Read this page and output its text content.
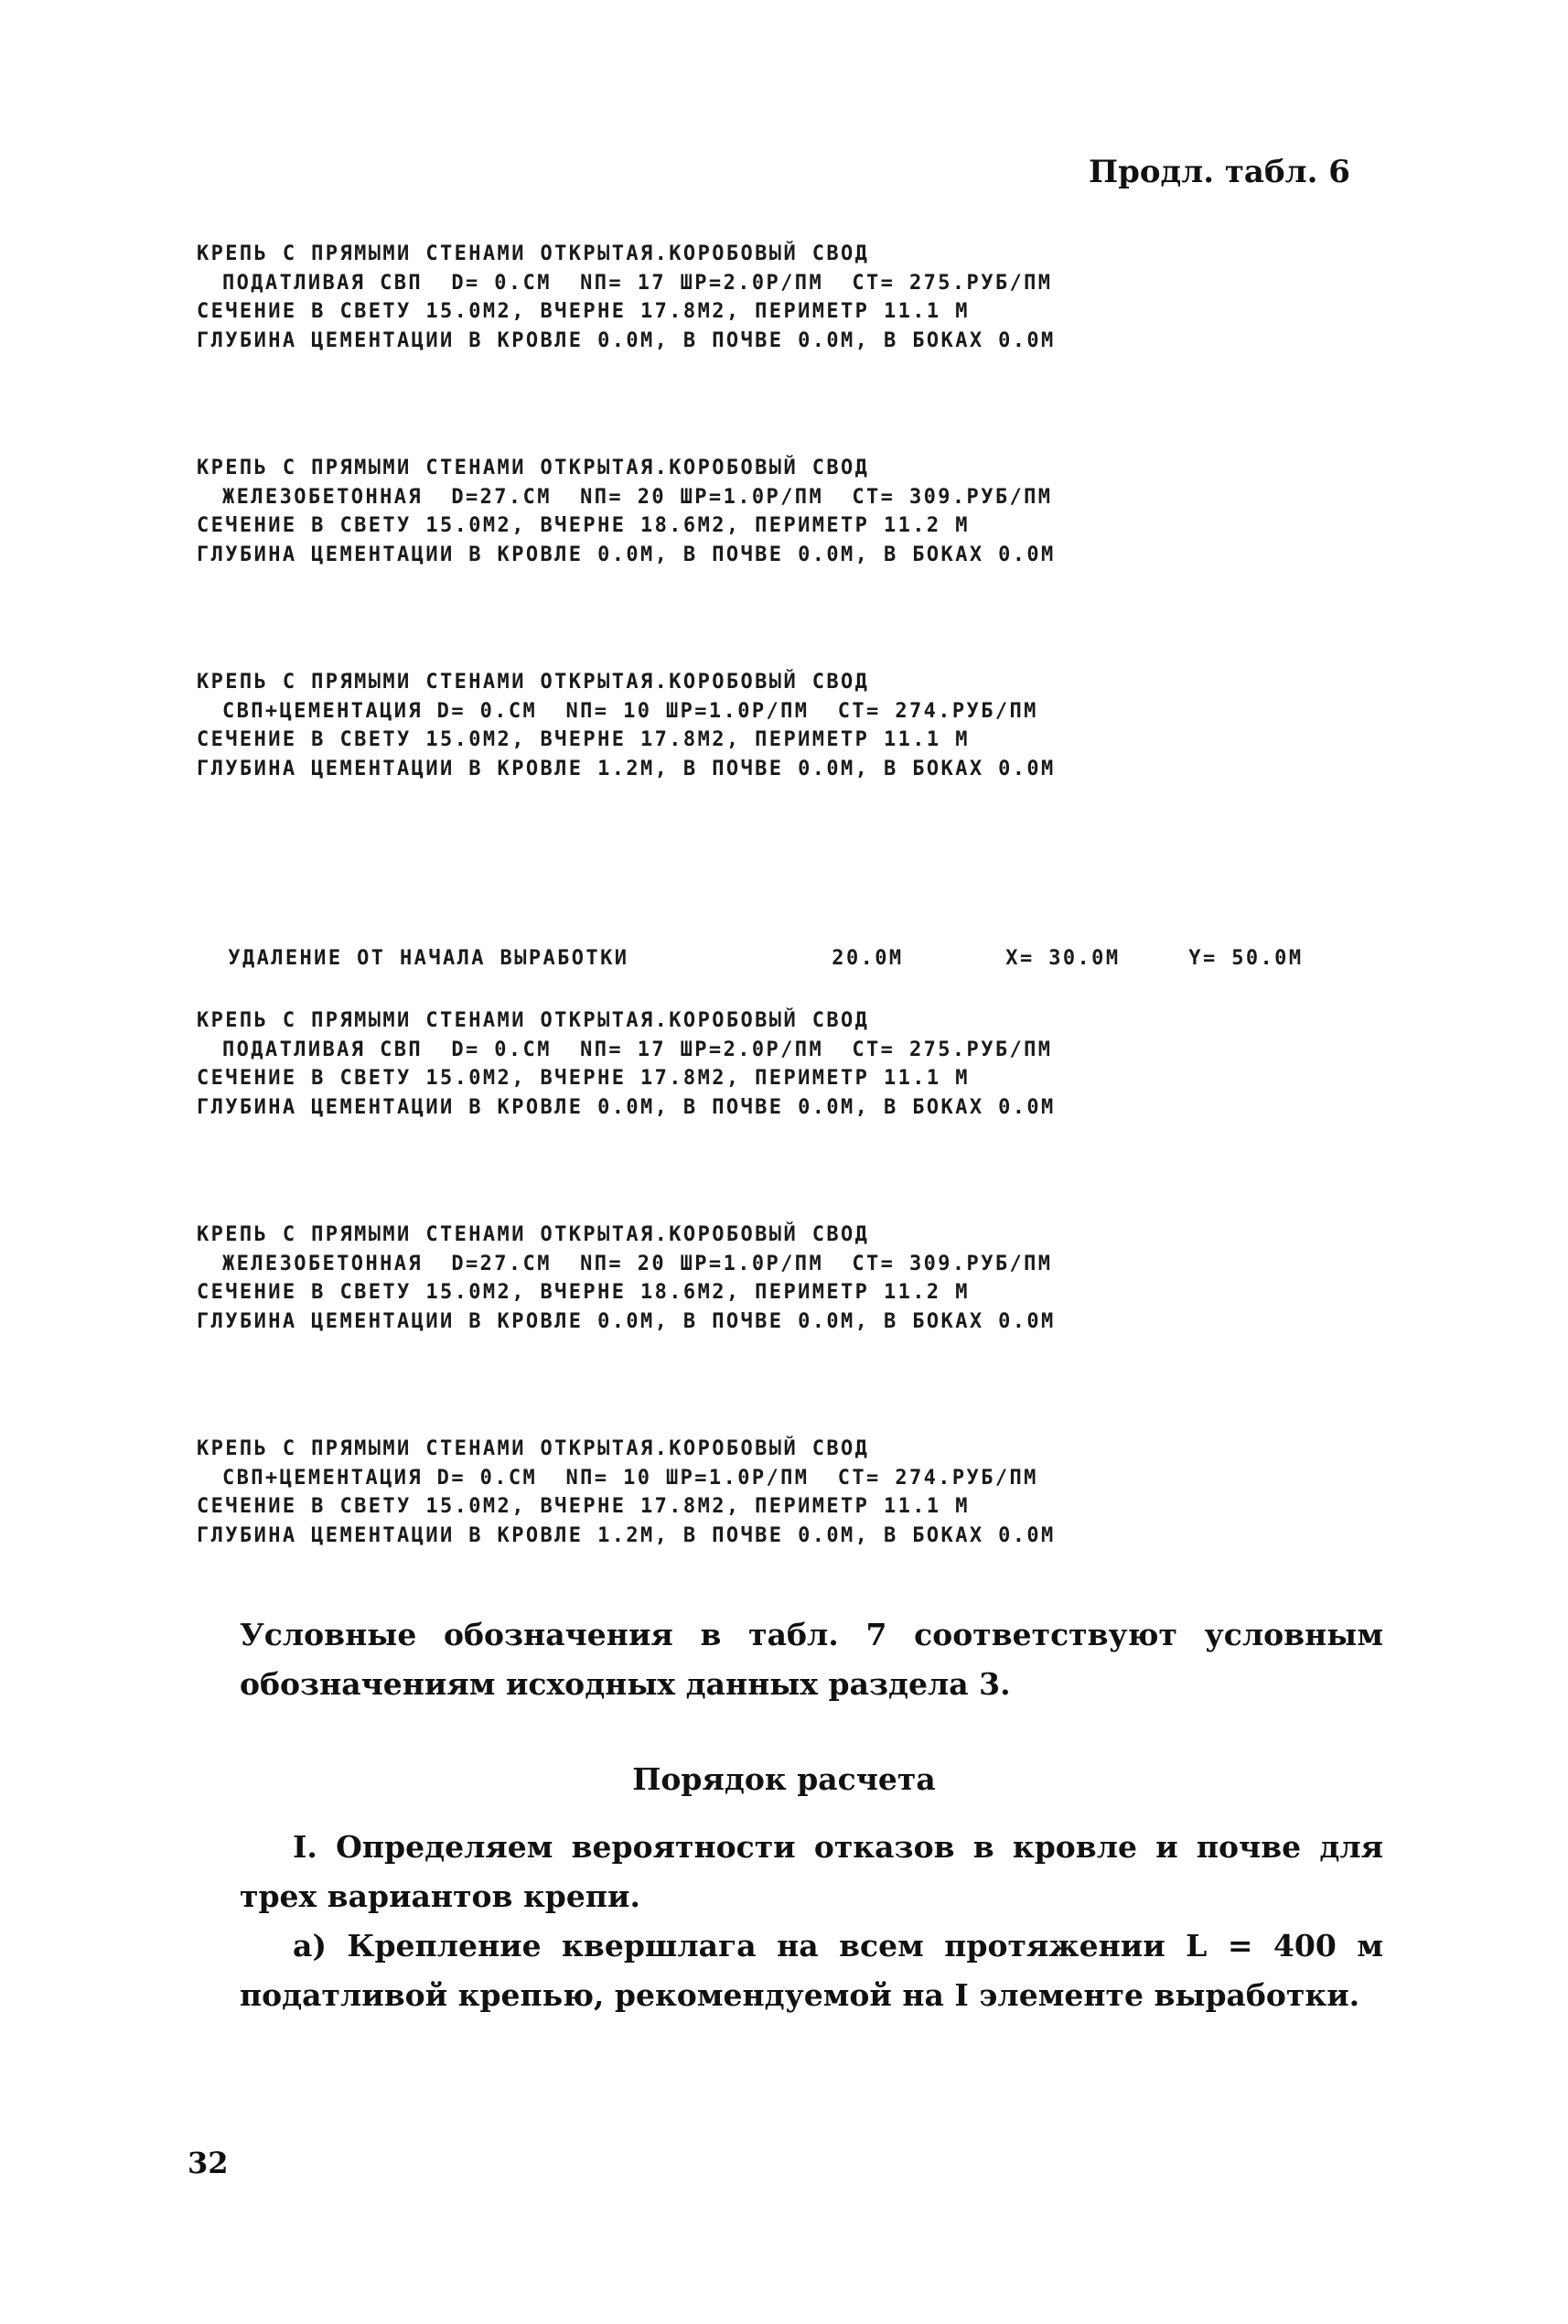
Продл. табл. 6
КРЕПЬ С ПРЯМЫМИ СТЕНАМИ ОТКРЫТАЯ.КОРОБОВЫЙ СВОД
ПОДАТЛИВАЯ СВП  D= 0.СМ  NП= 17 ШР=2.0Р/ПМ  СТ= 275.РУБ/ПМ
СЕЧЕНИЕ В СВЕТУ 15.0М2, ВЧЕРНЕ 17.8М2, ПЕРИМЕТР 11.1 М
ГЛУБИНА ЦЕМЕНТАЦИИ В КРОВЛЕ 0.0М, В ПОЧВЕ 0.0М, В БОКАХ 0.0М
КРЕПЬ С ПРЯМЫМИ СТЕНАМИ ОТКРЫТАЯ.КОРОБОВЫЙ СВОД
ЖЕЛЕЗОБЕТОННАЯ  D=27.СМ  NП= 20 ШР=1.0Р/ПМ  СТ= 309.РУБ/ПМ
СЕЧЕНИЕ В СВЕТУ 15.0М2, ВЧЕРНЕ 18.6М2, ПЕРИМЕТР 11.2 М
ГЛУБИНА ЦЕМЕНТАЦИИ В КРОВЛЕ 0.0М, В ПОЧВЕ 0.0М, В БОКАХ 0.0М
КРЕПЬ С ПРЯМЫМИ СТЕНАМИ ОТКРЫТАЯ.КОРОБОВЫЙ СВОД
СВП+ЦЕМЕНТАЦИЯ D= 0.СМ  NП= 10 ШР=1.0Р/ПМ  СТ= 274.РУБ/ПМ
СЕЧЕНИЕ В СВЕТУ 15.0М2, ВЧЕРНЕ 17.8М2, ПЕРИМЕТР 11.1 М
ГЛУБИНА ЦЕМЕНТАЦИИ В КРОВЛЕ 1.2М, В ПОЧВЕ 0.0М, В БОКАХ 0.0М

УДАЛЕНИЕ ОТ НАЧАЛА ВЫРАБОТКИ	20.0М	X= 30.0М	Y= 50.0М

КРЕПЬ С ПРЯМЫМИ СТЕНАМИ ОТКРЫТАЯ.КОРОБОВЫЙ СВОД
ПОДАТЛИВАЯ СВП  D= 0.СМ  NП= 17 ШР=2.0Р/ПМ  СТ= 275.РУБ/ПМ
СЕЧЕНИЕ В СВЕТУ 15.0М2, ВЧЕРНЕ 17.8М2, ПЕРИМЕТР 11.1 М
ГЛУБИНА ЦЕМЕНТАЦИИ В КРОВЛЕ 0.0М, В ПОЧВЕ 0.0М, В БОКАХ 0.0М
КРЕПЬ С ПРЯМЫМИ СТЕНАМИ ОТКРЫТАЯ.КОРОБОВЫЙ СВОД
ЖЕЛЕЗОБЕТОННАЯ  D=27.СМ  NП= 20 ШР=1.0Р/ПМ  СТ= 309.РУБ/ПМ
СЕЧЕНИЕ В СВЕТУ 15.0М2, ВЧЕРНЕ 18.6М2, ПЕРИМЕТР 11.2 М
ГЛУБИНА ЦЕМЕНТАЦИИ В КРОВЛЕ 0.0М, В ПОЧВЕ 0.0М, В БОКАХ 0.0М
КРЕПЬ С ПРЯМЫМИ СТЕНАМИ ОТКРЫТАЯ.КОРОБОВЫЙ СВОД
СВП+ЦЕМЕНТАЦИЯ D= 0.СМ  NП= 10 ШР=1.0Р/ПМ  СТ= 274.РУБ/ПМ
СЕЧЕНИЕ В СВЕТУ 15.0М2, ВЧЕРНЕ 17.8М2, ПЕРИМЕТР 11.1 М
ГЛУБИНА ЦЕМЕНТАЦИИ В КРОВЛЕ 1.2М, В ПОЧВЕ 0.0М, В БОКАХ 0.0М

Условные обозначения в табл. 7 соответствуют условным обозначениям исходных данных раздела 3.

Порядок расчета

I. Определяем вероятности отказов в кровле и почве для трех вариантов крепи.

а) Крепление квершлага на всем протяжении L = 400 м податливой крепью, рекомендуемой на I элементе выработки.

32
